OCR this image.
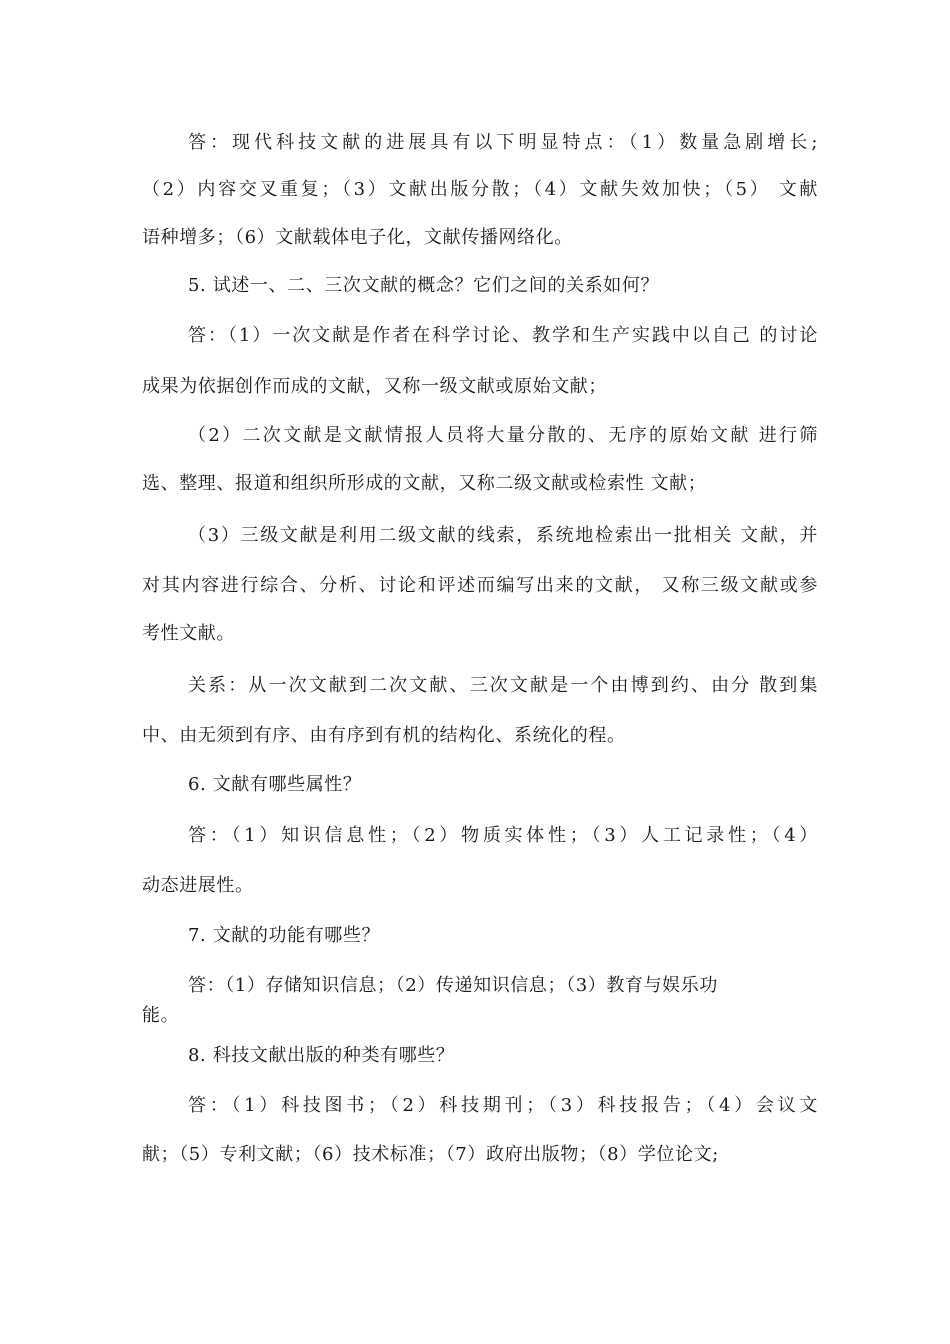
答：现代科技文献的进展具有以下明显特点：（1）数量急剧增长;
（2）内容交叉重复；（3）文献出版分散；（4）文献失效加快；（5） 文献
语种增多；（6）文献载体电子化，文献传播网络化。
5. 试述一、二、三次文献的概念？它们之间的关系如何？
答：（1）一次文献是作者在科学讨论、教学和生产实践中以自己 的讨论
成果为依据创作而成的文献，又称一级文献或原始文献；
（2）二次文献是文献情报人员将大量分散的、无序的原始文献 进行筛
选、整理、报道和组织所形成的文献，又称二级文献或检索性 文献；
（3）三级文献是利用二级文献的线索，系统地检索出一批相关 文献，并
对其内容进行综合、分析、讨论和评述而编写出来的文献， 又称三级文献或参
考性文献。
关系：从一次文献到二次文献、三次文献是一个由博到约、由分 散到集
中、由无须到有序、由有序到有机的结构化、系统化的程。
6. 文献有哪些属性？
答：（1）知识信息性；（2）物质实体性；（3）人工记录性；（4）
动态进展性。
7. 文献的功能有哪些？
答：（1）存储知识信息；（2）传递知识信息；（3）教育与娱乐功
能。
8. 科技文献出版的种类有哪些？
答：（1）科技图书；（2）科技期刊；（3）科技报告；（4）会议文
献；（5）专利文献；（6）技术标准；（7）政府出版物；（8）学位论文;
